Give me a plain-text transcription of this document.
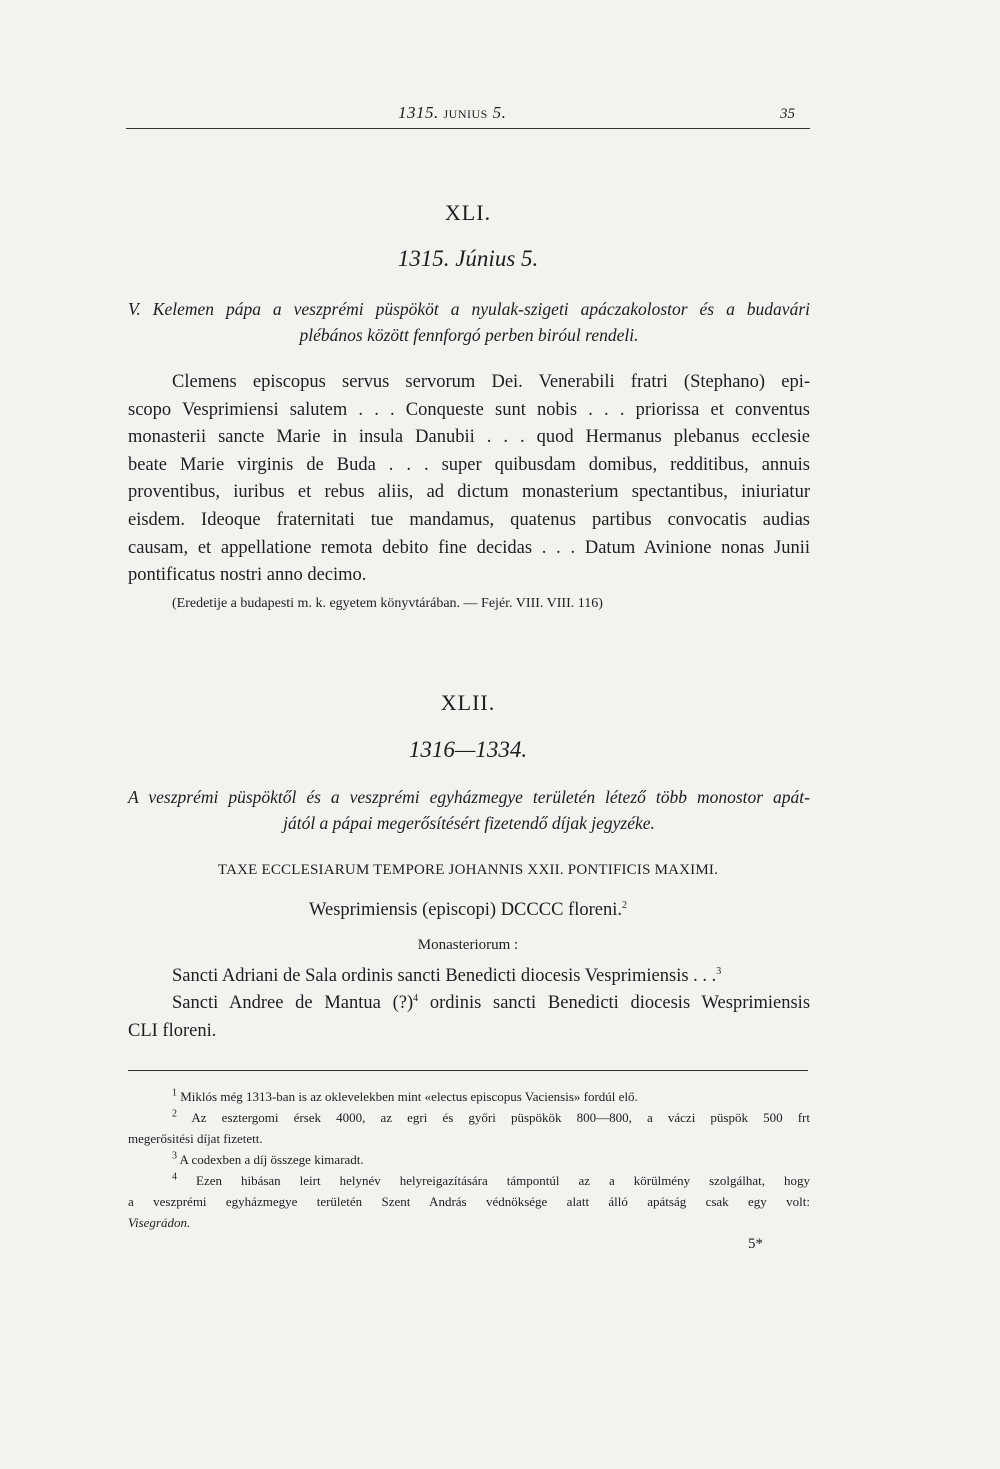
1315. JUNIUS 5.	35
XLI.
1315. Június 5.
V. Kelemen pápa a veszprémi püspököt a nyulak-szigeti apáczakolostor és a budavári
plébános között fennforgó perben biróul rendeli.
Clemens episcopus servus servorum Dei. Venerabili fratri (Stephano) epi-
scopo Vesprimiensi salutem . . . Conqueste sunt nobis . . . priorissa et conventus
monasterii sancte Marie in insula Danubii . . . quod Hermanus plebanus ecclesie
beate Marie virginis de Buda . . . super quibusdam domibus, redditibus, annuis
proventibus, iuribus et rebus aliis, ad dictum monasterium spectantibus, iniuriatur
eisdem. Ideoque fraternitati tue mandamus, quatenus partibus convocatis audias
causam, et appellatione remota debito fine decidas . . . Datum Avinione nonas Junii
pontificatus nostri anno decimo.
(Eredetije a budapesti m. k. egyetem könyvtárában. — Fejér. VIII. VIII. 116)
XLII.
1316—1334.
A veszprémi püspöktől és a veszprémi egyházmegye területén létező több monostor apát-
jától a pápai megerősítésért fizetendő díjak jegyzéke.
TAXE ECCLESIARUM TEMPORE JOHANNIS XXII. PONTIFICIS MAXIMI.
Wesprimiensis (episcopi) DCCCC floreni.$^2$
Monasteriorum :
Sancti Adriani de Sala ordinis sancti Benedicti diocesis Vesprimiensis . . .$^3$
Sancti Andree de Mantua (?)$^4$ ordinis sancti Benedicti diocesis Wesprimiensis
CLI floreni.
$^1$ Miklós még 1313-ban is az oklevelekben mint «electus episcopus Vaciensis» fordúl elő.
$^2$ Az esztergomi érsek 4000, az egri és győri püspökök 800—800, a váczi püspök 500 frt
megerősitési díjat fizetett.
$^3$ A codexben a díj összege kimaradt.
$^4$ Ezen hibásan leirt helynév helyreigazítására támpontúl az a körülmény szolgálhat, hogy
a veszprémi egyházmegye területén Szent András védnöksége alatt álló apátság csak egy volt:
Visegrádon.
5*
